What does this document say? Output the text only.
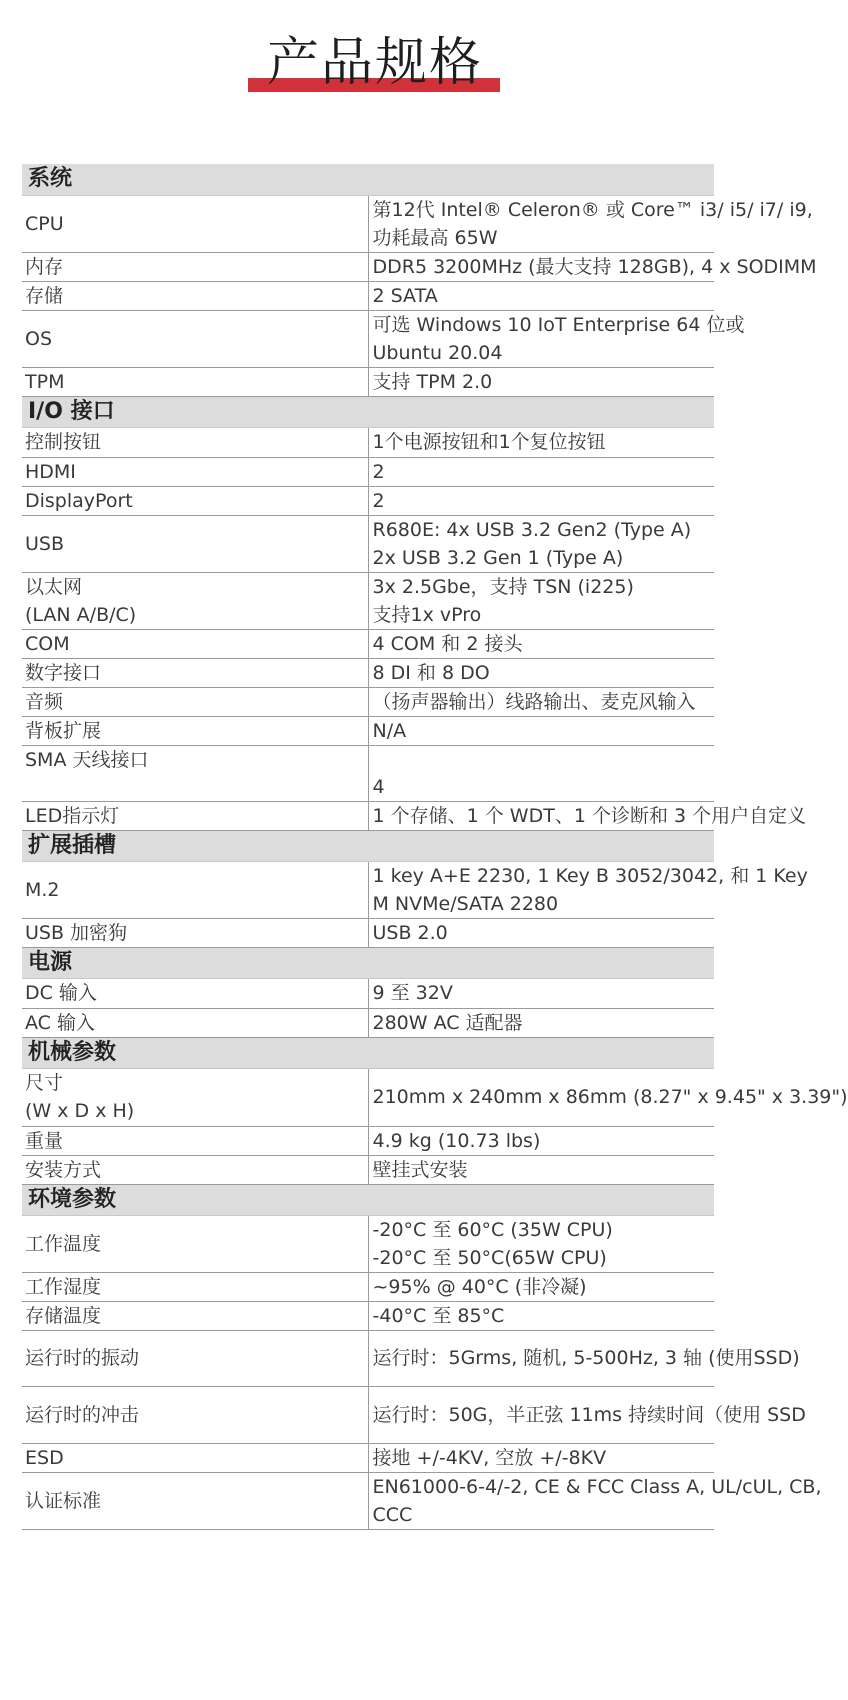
产品规格
系统	

CPU	第12代 Intel® Celeron® 或 Core™ i3/ i5/ i7/ i9,
功耗最高 65W

内存	DDR5 3200MHz (最大支持 128GB), 4 x SODIMM

存储	2 SATA

OS	可选 Windows 10 IoT Enterprise 64 位或
Ubuntu 20.04

TPM	支持 TPM 2.0

I/O 接口	

控制按钮	1个电源按钮和1个复位按钮

HDMI	2

DisplayPort	2

USB	R680E: 4x USB 3.2 Gen2 (Type A)
2x USB 3.2 Gen 1 (Type A)

以太网
(LAN A/B/C)	3x 2.5Gbe，支持 TSN (i225)
支持1x vPro

COM	4 COM 和 2 接头

数字接口	8 DI 和 8 DO

音频	（扬声器输出）线路输出、麦克风输入

背板扩展	N/A

SMA 天线接口	4

LED指示灯	1 个存储、1 个 WDT、1 个诊断和 3 个用户自定义

扩展插槽	

M.2	1 key A+E 2230, 1 Key B 3052/3042, 和 1 Key
M NVMe/SATA 2280

USB 加密狗	USB 2.0

电源	

DC 输入	9 至 32V

AC 输入	280W AC 适配器

机械参数	

尺寸
(W x D x H)	210mm x 240mm x 86mm (8.27" x 9.45" x 3.39")

重量	4.9 kg (10.73 lbs)

安装方式	壁挂式安装

环境参数	

工作温度	-20°C 至 60°C (35W CPU)
-20°C 至 50°C(65W CPU)

工作湿度	~95% @ 40°C (非冷凝)

存储温度	-40°C 至 85°C

运行时的振动	运行时：5Grms, 随机, 5-500Hz, 3 轴 (使用SSD)

运行时的冲击	运行时：50G，半正弦 11ms 持续时间（使用 SSD

ESD	接地 +/-4KV, 空放 +/-8KV

认证标准	EN61000-6-4/-2, CE & FCC Class A, UL/cUL, CB,
CCC
